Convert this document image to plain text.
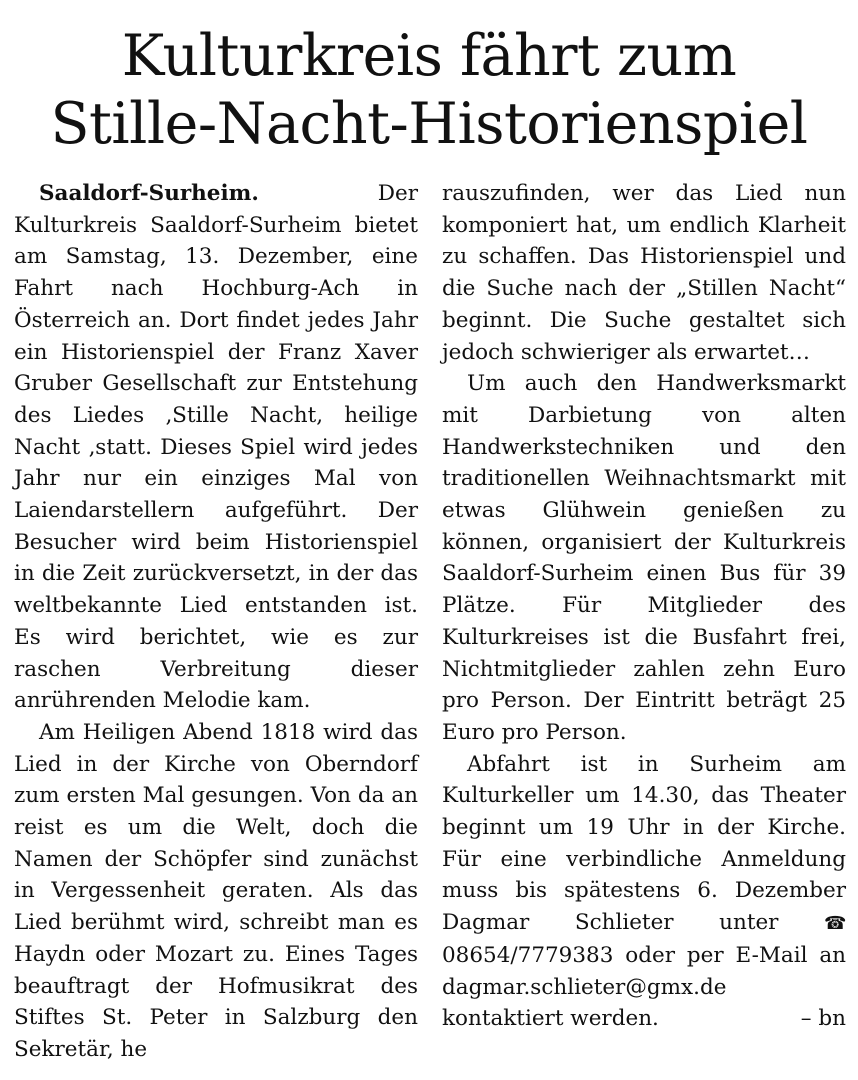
Kulturkreis fährt zum
Stille-Nacht-Historienspiel

Saaldorf-Surheim. Der Kulturkreis Saaldorf-Surheim bietet am Samstag, 13. Dezember, eine Fahrt nach Hochburg-Ach in Österreich an. Dort findet jedes Jahr ein Historienspiel der Franz Xaver Gruber Gesellschaft zur Entstehung des Liedes ‚Stille Nacht, heilige Nacht ‚statt. Dieses Spiel wird jedes Jahr nur ein einziges Mal von Laiendarstellern aufgeführt. Der Besucher wird beim Historienspiel in die Zeit zurückversetzt, in der das weltbekannte Lied entstanden ist. Es wird berichtet, wie es zur raschen Verbreitung dieser anrührenden Melodie kam.

Am Heiligen Abend 1818 wird das Lied in der Kirche von Oberndorf zum ersten Mal gesungen. Von da an reist es um die Welt, doch die Namen der Schöpfer sind zunächst in Vergessenheit geraten. Als das Lied berühmt wird, schreibt man es Haydn oder Mozart zu. Eines Tages beauftragt der Hofmusikrat des Stiftes St. Peter in Salzburg den Sekretär, he

rauszufinden, wer das Lied nun komponiert hat, um endlich Klarheit zu schaffen. Das Historienspiel und die Suche nach der „Stillen Nacht“ beginnt. Die Suche gestaltet sich jedoch schwieriger als erwartet…

Um auch den Handwerksmarkt mit Darbietung von alten Handwerkstechniken und den traditionellen Weihnachtsmarkt mit etwas Glühwein genießen zu können, organisiert der Kulturkreis Saaldorf-Surheim einen Bus für 39 Plätze. Für Mitglieder des Kulturkreises ist die Busfahrt frei, Nichtmitglieder zahlen zehn Euro pro Person. Der Eintritt beträgt 25 Euro pro Person.

Abfahrt ist in Surheim am Kulturkeller um 14.30, das Theater beginnt um 19 Uhr in der Kirche. Für eine verbindliche Anmeldung muss bis spätestens 6. Dezember Dagmar Schlieter unter ☎ 08654/7779383 oder per E-Mail an dagmar.schlieter@gmx.de kontaktiert werden.	– bn
